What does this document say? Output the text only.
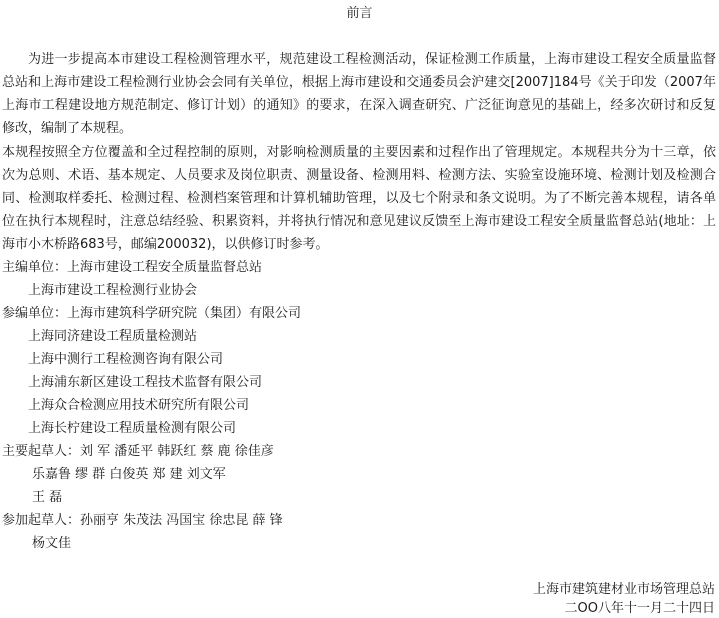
前言

为进一步提高本市建设工程检测管理水平，规范建设工程检测活动，保证检测工作质量，上海市建设工程安全质量监督总站和上海市建设工程检测行业协会会同有关单位，根据上海市建设和交通委员会沪建交[2007]184号《关于印发（2007年上海市工程建设地方规范制定、修订计划）的通知》的要求，在深入调查研究、广泛征询意见的基础上，经多次研讨和反复修改，编制了本规程。

本规程按照全方位覆盖和全过程控制的原则，对影响检测质量的主要因素和过程作出了管理规定。本规程共分为十三章，依次为总则、术语、基本规定、人员要求及岗位职责、测量设备、检测用料、检测方法、实验室设施环境、检测计划及检测合同、检测取样委托、检测过程、检测档案管理和计算机辅助管理，以及七个附录和条文说明。为了不断完善本规程，请各单位在执行本规程时，注意总结经验、积累资料，并将执行情况和意见建议反馈至上海市建设工程安全质量监督总站(地址：上海市小木桥路683号，邮编200032)，以供修订时参考。

主编单位：上海市建设工程安全质量监督总站
上海市建设工程检测行业协会
参编单位：上海市建筑科学研究院（集团）有限公司
上海同济建设工程质量检测站
上海中测行工程检测咨询有限公司
上海浦东新区建设工程技术监督有限公司
上海众合检测应用技术研究所有限公司
上海长柠建设工程质量检测有限公司
主要起草人：刘 军 潘延平 韩跃红 蔡 鹿 徐佳彦
乐嘉鲁 缪 群 白俊英 郑 建 刘文军
王 磊
参加起草人：孙丽亨 朱茂法 冯国宝 徐忠昆 薛 锋
杨文佳
上海市建筑建材业市场管理总站
二OO八年十一月二十四日
